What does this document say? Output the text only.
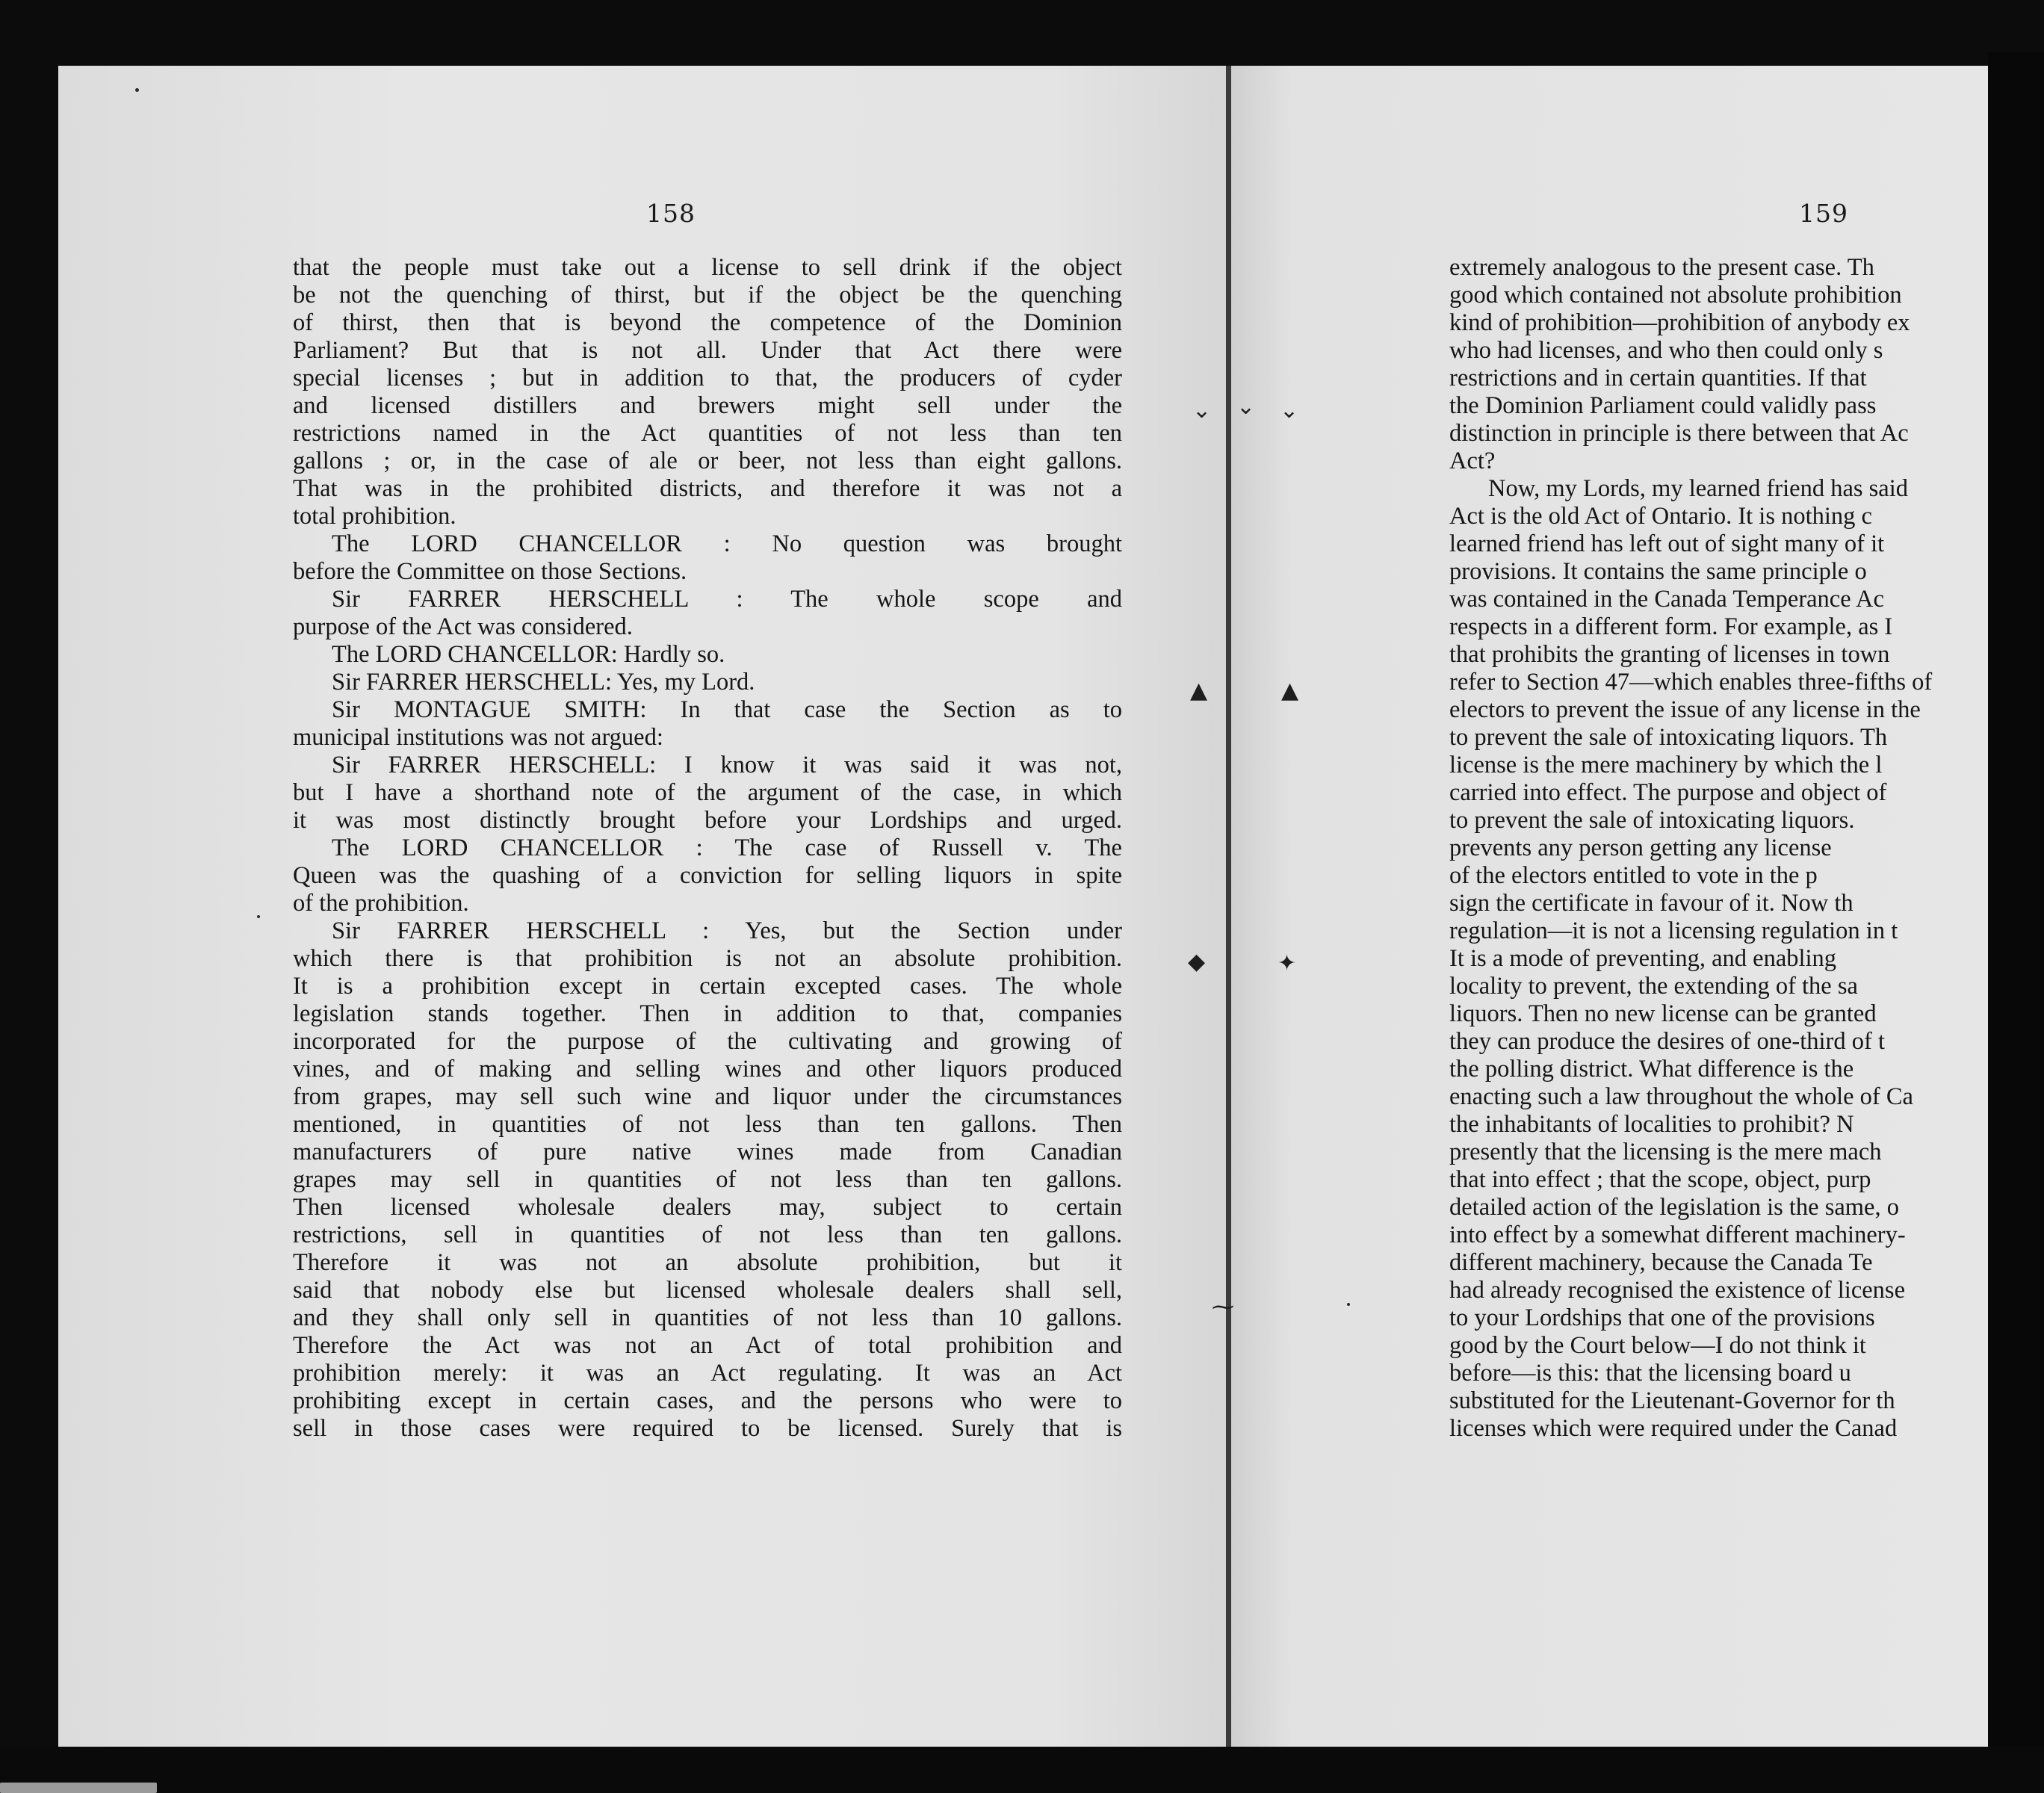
158
that the people must take out a license to sell drink if the object
be not the quenching of thirst, but if the object be the quenching
of thirst, then that is beyond the competence of the Dominion
Parliament? But that is not all. Under that Act there were
special licenses ; but in addition to that, the producers of cyder
and licensed distillers and brewers might sell under the
restrictions named in the Act quantities of not less than ten
gallons ; or, in the case of ale or beer, not less than eight gallons.
That was in the prohibited districts, and therefore it was not a
total prohibition.
The LORD CHANCELLOR : No question was brought
before the Committee on those Sections.
Sir FARRER HERSCHELL : The whole scope and
purpose of the Act was considered.
The LORD CHANCELLOR: Hardly so.
Sir FARRER HERSCHELL: Yes, my Lord.
Sir MONTAGUE SMITH: In that case the Section as to
municipal institutions was not argued:
Sir FARRER HERSCHELL: I know it was said it was not,
but I have a shorthand note of the argument of the case, in which
it was most distinctly brought before your Lordships and urged.
The LORD CHANCELLOR : The case of Russell v. The
Queen was the quashing of a conviction for selling liquors in spite
of the prohibition.
Sir FARRER HERSCHELL : Yes, but the Section under
which there is that prohibition is not an absolute prohibition.
It is a prohibition except in certain excepted cases. The whole
legislation stands together. Then in addition to that, companies
incorporated for the purpose of the cultivating and growing of
vines, and of making and selling wines and other liquors produced
from grapes, may sell such wine and liquor under the circumstances
mentioned, in quantities of not less than ten gallons. Then
manufacturers of pure native wines made from Canadian
grapes may sell in quantities of not less than ten gallons.
Then licensed wholesale dealers may, subject to certain
restrictions, sell in quantities of not less than ten gallons.
Therefore it was not an absolute prohibition, but it
said that nobody else but licensed wholesale dealers shall sell,
and they shall only sell in quantities of not less than 10 gallons.
Therefore the Act was not an Act of total prohibition and
prohibition merely: it was an Act regulating. It was an Act
prohibiting except in certain cases, and the persons who were to
sell in those cases were required to be licensed. Surely that is
159
extremely analogous to the present case. Th
good which contained not absolute prohibition
kind of prohibition—prohibition of anybody ex
who had licenses, and who then could only s
restrictions and in certain quantities. If that
the Dominion Parliament could validly pass
distinction in principle is there between that Ac
Act?
Now, my Lords, my learned friend has said
Act is the old Act of Ontario. It is nothing c
learned friend has left out of sight many of it
provisions. It contains the same principle o
was contained in the Canada Temperance Ac
respects in a different form. For example, as I
that prohibits the granting of licenses in town
refer to Section 47—which enables three-fifths of
electors to prevent the issue of any license in the
to prevent the sale of intoxicating liquors. Th
license is the mere machinery by which the l
carried into effect. The purpose and object of
to prevent the sale of intoxicating liquors.
prevents any person getting any license
of the electors entitled to vote in the p
sign the certificate in favour of it. Now th
regulation—it is not a licensing regulation in t
It is a mode of preventing, and enabling
locality to prevent, the extending of the sa
liquors. Then no new license can be granted
they can produce the desires of one-third of t
the polling district. What difference is the
enacting such a law throughout the whole of Ca
the inhabitants of localities to prohibit? N
presently that the licensing is the mere mach
that into effect ; that the scope, object, purp
detailed action of the legislation is the same, o
into effect by a somewhat different machinery-
different machinery, because the Canada Te
had already recognised the existence of license
to your Lordships that one of the provisions
good by the Court below—I do not think it
before—is this: that the licensing board u
substituted for the Lieutenant-Governor for th
licenses which were required under the Canad
⌄ ⌄ ⌄
▲	▲
◆	✦
⁓
